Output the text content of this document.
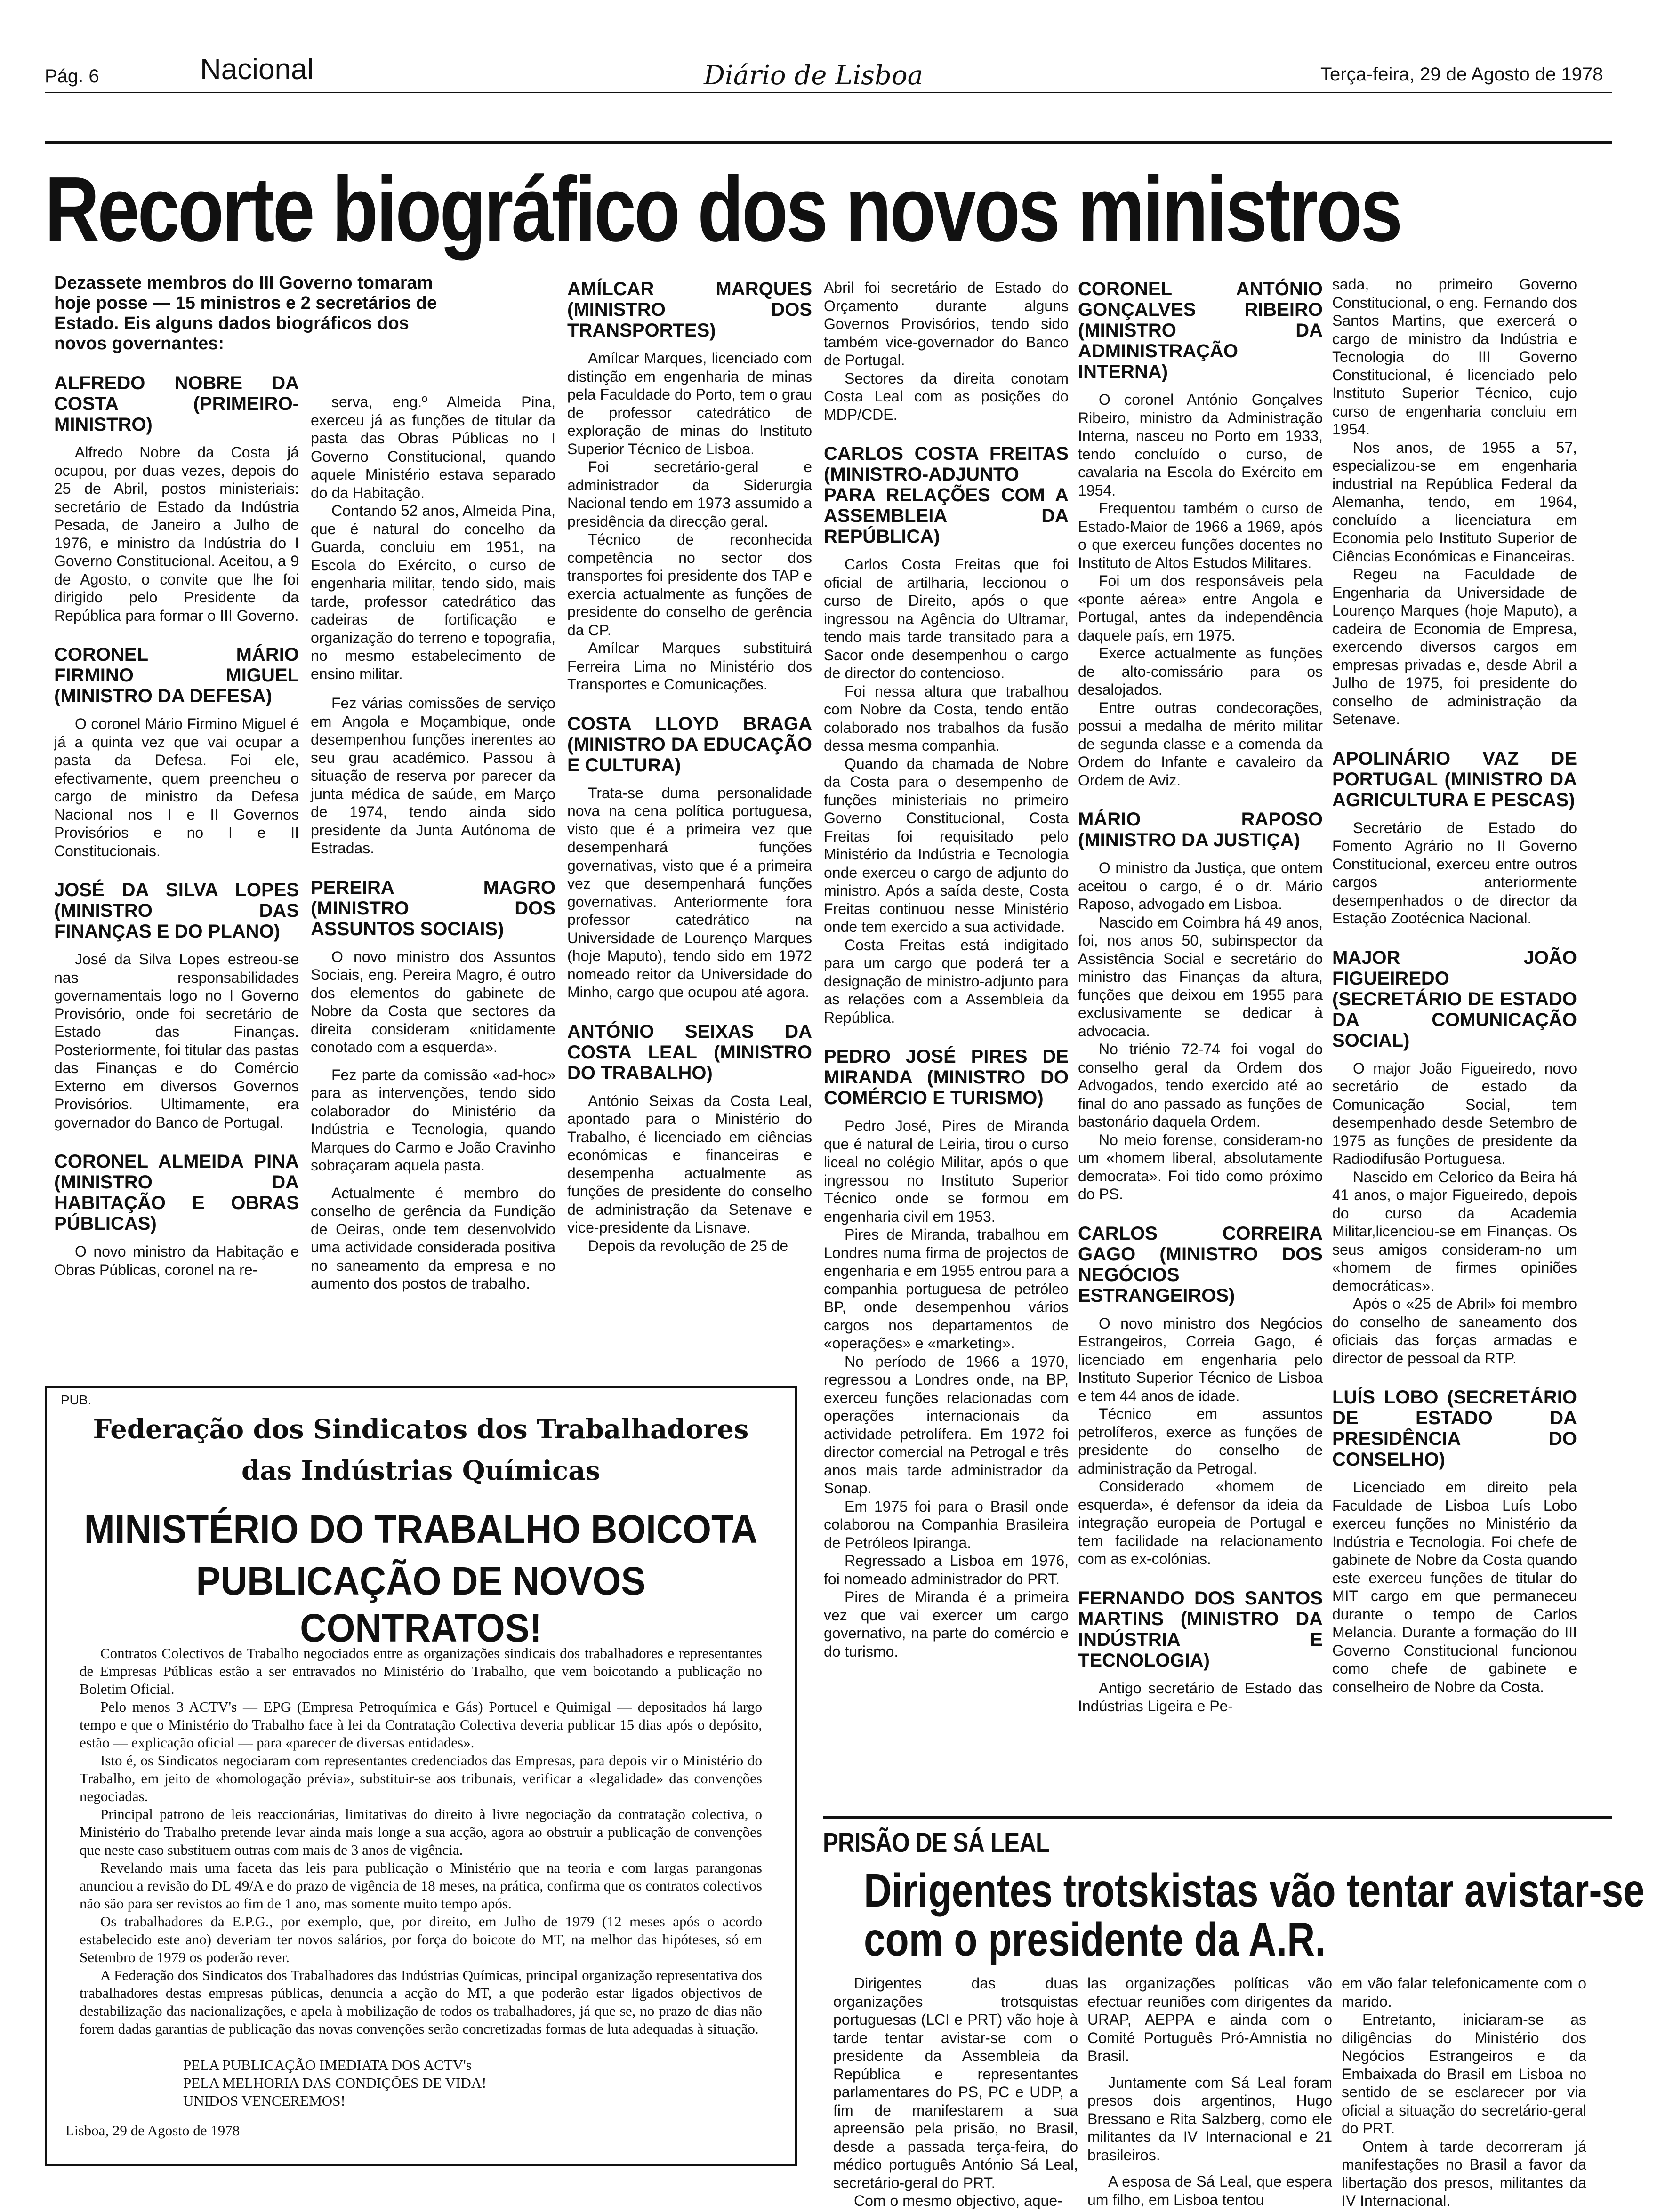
Pág. 6	Nacional	Diário de Lisboa	Terça-feira, 29 de Agosto de 1978
Recorte biográfico dos novos ministros
Dezassete membros do III Governo tomaram hoje posse — 15 ministros e 2 secretários de Estado. Eis alguns dados biográficos dos novos governantes:
ALFREDO NOBRE DA COSTA (PRIMEIRO-MINISTRO)

Alfredo Nobre da Costa já ocupou, por duas vezes, depois do 25 de Abril, postos ministeriais: secretário de Estado da Indústria Pesada, de Janeiro a Julho de 1976, e ministro da Indústria do I Governo Constitucional. Aceitou, a 9 de Agosto, o convite que lhe foi dirigido pelo Presidente da República para formar o III Governo.

CORONEL MÁRIO FIRMINO MIGUEL (MINISTRO DA DEFESA)

O coronel Mário Firmino Miguel é já a quinta vez que vai ocupar a pasta da Defesa. Foi ele, efectivamente, quem preencheu o cargo de ministro da Defesa Nacional nos I e II Governos Provisórios e no I e II Constitucionais.

JOSÉ DA SILVA LOPES (MINISTRO DAS FINANÇAS E DO PLANO)

José da Silva Lopes estreou-se nas responsabilidades governamentais logo no I Governo Provisório, onde foi secretário de Estado das Finanças. Posteriormente, foi titular das pastas das Finanças e do Comércio Externo em diversos Governos Provisórios. Ultimamente, era governador do Banco de Portugal.

CORONEL ALMEIDA PINA (MINISTRO DA HABITAÇÃO E OBRAS PÚBLICAS)

O novo ministro da Habitação e Obras Públicas, coronel na re-

serva, eng.º Almeida Pina, exerceu já as funções de titular da pasta das Obras Públicas no I Governo Constitucional, quando aquele Ministério estava separado do da Habitação.

Contando 52 anos, Almeida Pina, que é natural do concelho da Guarda, concluiu em 1951, na Escola do Exército, o curso de engenharia militar, tendo sido, mais tarde, professor catedrático das cadeiras de fortificação e organização do terreno e topografia, no mesmo estabelecimento de ensino militar.

Fez várias comissões de serviço em Angola e Moçambique, onde desempenhou funções inerentes ao seu grau académico. Passou à situação de reserva por parecer da junta médica de saúde, em Março de 1974, tendo ainda sido presidente da Junta Autónoma de Estradas.

PEREIRA MAGRO (MINISTRO DOS ASSUNTOS SOCIAIS)

O novo ministro dos Assuntos Sociais, eng. Pereira Magro, é outro dos elementos do gabinete de Nobre da Costa que sectores da direita consideram «nitidamente conotado com a esquerda».

Fez parte da comissão «ad-hoc» para as intervenções, tendo sido colaborador do Ministério da Indústria e Tecnologia, quando Marques do Carmo e João Cravinho sobraçaram aquela pasta.

Actualmente é membro do conselho de gerência da Fundição de Oeiras, onde tem desenvolvido uma actividade considerada positiva no saneamento da empresa e no aumento dos postos de trabalho.

AMÍLCAR MARQUES (MINISTRO DOS TRANSPORTES)

Amílcar Marques, licenciado com distinção em engenharia de minas pela Faculdade do Porto, tem o grau de professor catedrático de exploração de minas do Instituto Superior Técnico de Lisboa.

Foi secretário-geral e administrador da Siderurgia Nacional tendo em 1973 assumido a presidência da direcção geral.

Técnico de reconhecida competência no sector dos transportes foi presidente dos TAP e exercia actualmente as funções de presidente do conselho de gerência da CP.

Amílcar Marques substituirá Ferreira Lima no Ministério dos Transportes e Comunicações.

COSTA LLOYD BRAGA (MINISTRO DA EDUCAÇÃO E CULTURA)

Trata-se duma personalidade nova na cena política portuguesa, visto que é a primeira vez que desempenhará funções governativas, visto que é a primeira vez que desempenhará funções governativas. Anteriormente fora professor catedrático na Universidade de Lourenço Marques (hoje Maputo), tendo sido em 1972 nomeado reitor da Universidade do Minho, cargo que ocupou até agora.

ANTÓNIO SEIXAS DA COSTA LEAL (MINISTRO DO TRABALHO)

António Seixas da Costa Leal, apontado para o Ministério do Trabalho, é licenciado em ciências económicas e financeiras e desempenha actualmente as funções de presidente do conselho de administração da Setenave e vice-presidente da Lisnave.

Depois da revolução de 25 de

Abril foi secretário de Estado do Orçamento durante alguns Governos Provisórios, tendo sido também vice-governador do Banco de Portugal.

Sectores da direita conotam Costa Leal com as posições do MDP/CDE.

CARLOS COSTA FREITAS (MINISTRO-ADJUNTO PARA RELAÇÕES COM A ASSEMBLEIA DA REPÚBLICA)

Carlos Costa Freitas que foi oficial de artilharia, leccionou o curso de Direito, após o que ingressou na Agência do Ultramar, tendo mais tarde transitado para a Sacor onde desempenhou o cargo de director do contencioso.

Foi nessa altura que trabalhou com Nobre da Costa, tendo então colaborado nos trabalhos da fusão dessa mesma companhia.

Quando da chamada de Nobre da Costa para o desempenho de funções ministeriais no primeiro Governo Constitucional, Costa Freitas foi requisitado pelo Ministério da Indústria e Tecnologia onde exerceu o cargo de adjunto do ministro. Após a saída deste, Costa Freitas continuou nesse Ministério onde tem exercido a sua actividade.

Costa Freitas está indigitado para um cargo que poderá ter a designação de ministro-adjunto para as relações com a Assembleia da República.

PEDRO JOSÉ PIRES DE MIRANDA (MINISTRO DO COMÉRCIO E TURISMO)

Pedro José, Pires de Miranda que é natural de Leiria, tirou o curso liceal no colégio Militar, após o que ingressou no Instituto Superior Técnico onde se formou em engenharia civil em 1953.

Pires de Miranda, trabalhou em Londres numa firma de projectos de engenharia e em 1955 entrou para a companhia portuguesa de petróleo BP, onde desempenhou vários cargos nos departamentos de «operações» e «marketing».

No período de 1966 a 1970, regressou a Londres onde, na BP, exerceu funções relacionadas com operações internacionais da actividade petrolífera. Em 1972 foi director comercial na Petrogal e três anos mais tarde administrador da Sonap.

Em 1975 foi para o Brasil onde colaborou na Companhia Brasileira de Petróleos Ipiranga.

Regressado a Lisboa em 1976, foi nomeado administrador do PRT.

Pires de Miranda é a primeira vez que vai exercer um cargo governativo, na parte do comércio e do turismo.

CORONEL ANTÓNIO GONÇALVES RIBEIRO (MINISTRO DA ADMINISTRAÇÃO INTERNA)

O coronel António Gonçalves Ribeiro, ministro da Administração Interna, nasceu no Porto em 1933, tendo concluído o curso, de cavalaria na Escola do Exército em 1954.

Frequentou também o curso de Estado-Maior de 1966 a 1969, após o que exerceu funções docentes no Instituto de Altos Estudos Militares.

Foi um dos responsáveis pela «ponte aérea» entre Angola e Portugal, antes da independência daquele país, em 1975.

Exerce actualmente as funções de alto-comissário para os desalojados.

Entre outras condecorações, possui a medalha de mérito militar de segunda classe e a comenda da Ordem do Infante e cavaleiro da Ordem de Aviz.

MÁRIO RAPOSO (MINISTRO DA JUSTIÇA)

O ministro da Justiça, que ontem aceitou o cargo, é o dr. Mário Raposo, advogado em Lisboa.

Nascido em Coimbra há 49 anos, foi, nos anos 50, subinspector da Assistência Social e secretário do ministro das Finanças da altura, funções que deixou em 1955 para exclusivamente se dedicar à advocacia.

No triénio 72-74 foi vogal do conselho geral da Ordem dos Advogados, tendo exercido até ao final do ano passado as funções de bastonário daquela Ordem.

No meio forense, consideram-no um «homem liberal, absolutamente democrata». Foi tido como próximo do PS.

CARLOS CORREIRA GAGO (MINISTRO DOS NEGÓCIOS ESTRANGEIROS)

O novo ministro dos Negócios Estrangeiros, Correia Gago, é licenciado em engenharia pelo Instituto Superior Técnico de Lisboa e tem 44 anos de idade.

Técnico em assuntos petrolíferos, exerce as funções de presidente do conselho de administração da Petrogal.

Considerado «homem de esquerda», é defensor da ideia da integração europeia de Portugal e tem facilidade na relacionamento com as ex-colónias.

FERNANDO DOS SANTOS MARTINS (MINISTRO DA INDÚSTRIA E TECNOLOGIA)

Antigo secretário de Estado das Indústrias Ligeira e Pe-

sada, no primeiro Governo Constitucional, o eng. Fernando dos Santos Martins, que exercerá o cargo de ministro da Indústria e Tecnologia do III Governo Constitucional, é licenciado pelo Instituto Superior Técnico, cujo curso de engenharia concluiu em 1954.

Nos anos, de 1955 a 57, especializou-se em engenharia industrial na República Federal da Alemanha, tendo, em 1964, concluído a licenciatura em Economia pelo Instituto Superior de Ciências Económicas e Financeiras.

Regeu na Faculdade de Engenharia da Universidade de Lourenço Marques (hoje Maputo), a cadeira de Economia de Empresa, exercendo diversos cargos em empresas privadas e, desde Abril a Julho de 1975, foi presidente do conselho de administração da Setenave.

APOLINÁRIO VAZ DE PORTUGAL (MINISTRO DA AGRICULTURA E PESCAS)

Secretário de Estado do Fomento Agrário no II Governo Constitucional, exerceu entre outros cargos anteriormente desempenhados o de director da Estação Zootécnica Nacional.

MAJOR JOÃO FIGUEIREDO (SECRETÁRIO DE ESTADO DA COMUNICAÇÃO SOCIAL)

O major João Figueiredo, novo secretário de estado da Comunicação Social, tem desempenhado desde Setembro de 1975 as funções de presidente da Radiodifusão Portuguesa.

Nascido em Celorico da Beira há 41 anos, o major Figueiredo, depois do curso da Academia Militar,licenciou-se em Finanças. Os seus amigos consideram-no um «homem de firmes opiniões democráticas».

Após o «25 de Abril» foi membro do conselho de saneamento dos oficiais das forças armadas e director de pessoal da RTP.

LUÍS LOBO (SECRETÁRIO DE ESTADO DA PRESIDÊNCIA DO CONSELHO)

Licenciado em direito pela Faculdade de Lisboa Luís Lobo exerceu funções no Ministério da Indústria e Tecnologia. Foi chefe de gabinete de Nobre da Costa quando este exerceu funções de titular do MIT cargo em que permaneceu durante o tempo de Carlos Melancia. Durante a formação do III Governo Constitucional funcionou como chefe de gabinete e conselheiro de Nobre da Costa.

PUB.
Federação dos Sindicatos dos Trabalhadores
das Indústrias Químicas
MINISTÉRIO DO TRABALHO BOICOTA
PUBLICAÇÃO DE NOVOS CONTRATOS!

Contratos Colectivos de Trabalho negociados entre as organizações sindicais dos trabalhadores e representantes de Empresas Públicas estão a ser entravados no Ministério do Trabalho, que vem boicotando a publicação no Boletim Oficial.

Pelo menos 3 ACTV's — EPG (Empresa Petroquímica e Gás) Portucel e Quimigal — depositados há largo tempo e que o Ministério do Trabalho face à lei da Contratação Colectiva deveria publicar 15 dias após o depósito, estão — explicação oficial — para «parecer de diversas entidades».

Isto é, os Sindicatos negociaram com representantes credenciados das Empresas, para depois vir o Ministério do Trabalho, em jeito de «homologação prévia», substituir-se aos tribunais, verificar a «legalidade» das convenções negociadas.

Principal patrono de leis reaccionárias, limitativas do direito à livre negociação da contratação colectiva, o Ministério do Trabalho pretende levar ainda mais longe a sua acção, agora ao obstruir a publicação de convenções que neste caso substituem outras com mais de 3 anos de vigência.

Revelando mais uma faceta das leis para publicação o Ministério que na teoria e com largas parangonas anunciou a revisão do DL 49/A e do prazo de vigência de 18 meses, na prática, confirma que os contratos colectivos não são para ser revistos ao fim de 1 ano, mas somente muito tempo após.

Os trabalhadores da E.P.G., por exemplo, que, por direito, em Julho de 1979 (12 meses após o acordo estabelecido este ano) deveriam ter novos salários, por força do boicote do MT, na melhor das hipóteses, só em Setembro de 1979 os poderão rever.

A Federação dos Sindicatos dos Trabalhadores das Indústrias Químicas, principal organização representativa dos trabalhadores destas empresas públicas, denuncia a acção do MT, a que poderão estar ligados objectivos de destabilização das nacionalizações, e apela à mobilização de todos os trabalhadores, já que se, no prazo de dias não forem dadas garantias de publicação das novas convenções serão concretizadas formas de luta adequadas à situação.

PELA PUBLICAÇÃO IMEDIATA DOS ACTV's
PELA MELHORIA DAS CONDIÇÕES DE VIDA!
UNIDOS VENCEREMOS!
Lisboa, 29 de Agosto de 1978
PRISÃO DE SÁ LEAL
Dirigentes trotskistas vão tentar avistar-se
com o presidente da A.R.

Dirigentes das duas organizações trotsquistas portuguesas (LCI e PRT) vão hoje à tarde tentar avistar-se com o presidente da Assembleia da República e representantes parlamentares do PS, PC e UDP, a fim de manifestarem a sua apreensão pela prisão, no Brasil, desde a passada terça-feira, do médico português António Sá Leal, secretário-geral do PRT.

Com o mesmo objectivo, aque-

las organizações políticas vão efectuar reuniões com dirigentes da URAP, AEPPA e ainda com o Comité Português Pró-Amnistia no Brasil.

Juntamente com Sá Leal foram presos dois argentinos, Hugo Bressano e Rita Salzberg, como ele militantes da IV Internacional e 21 brasileiros.

A esposa de Sá Leal, que espera um filho, em Lisboa tentou

em vão falar telefonicamente com o marido.

Entretanto, iniciaram-se as diligências do Ministério dos Negócios Estrangeiros e da Embaixada do Brasil em Lisboa no sentido de se esclarecer por via oficial a situação do secretário-geral do PRT.

Ontem à tarde decorreram já manifestações no Brasil a favor da libertação dos presos, militantes da IV Internacional.
